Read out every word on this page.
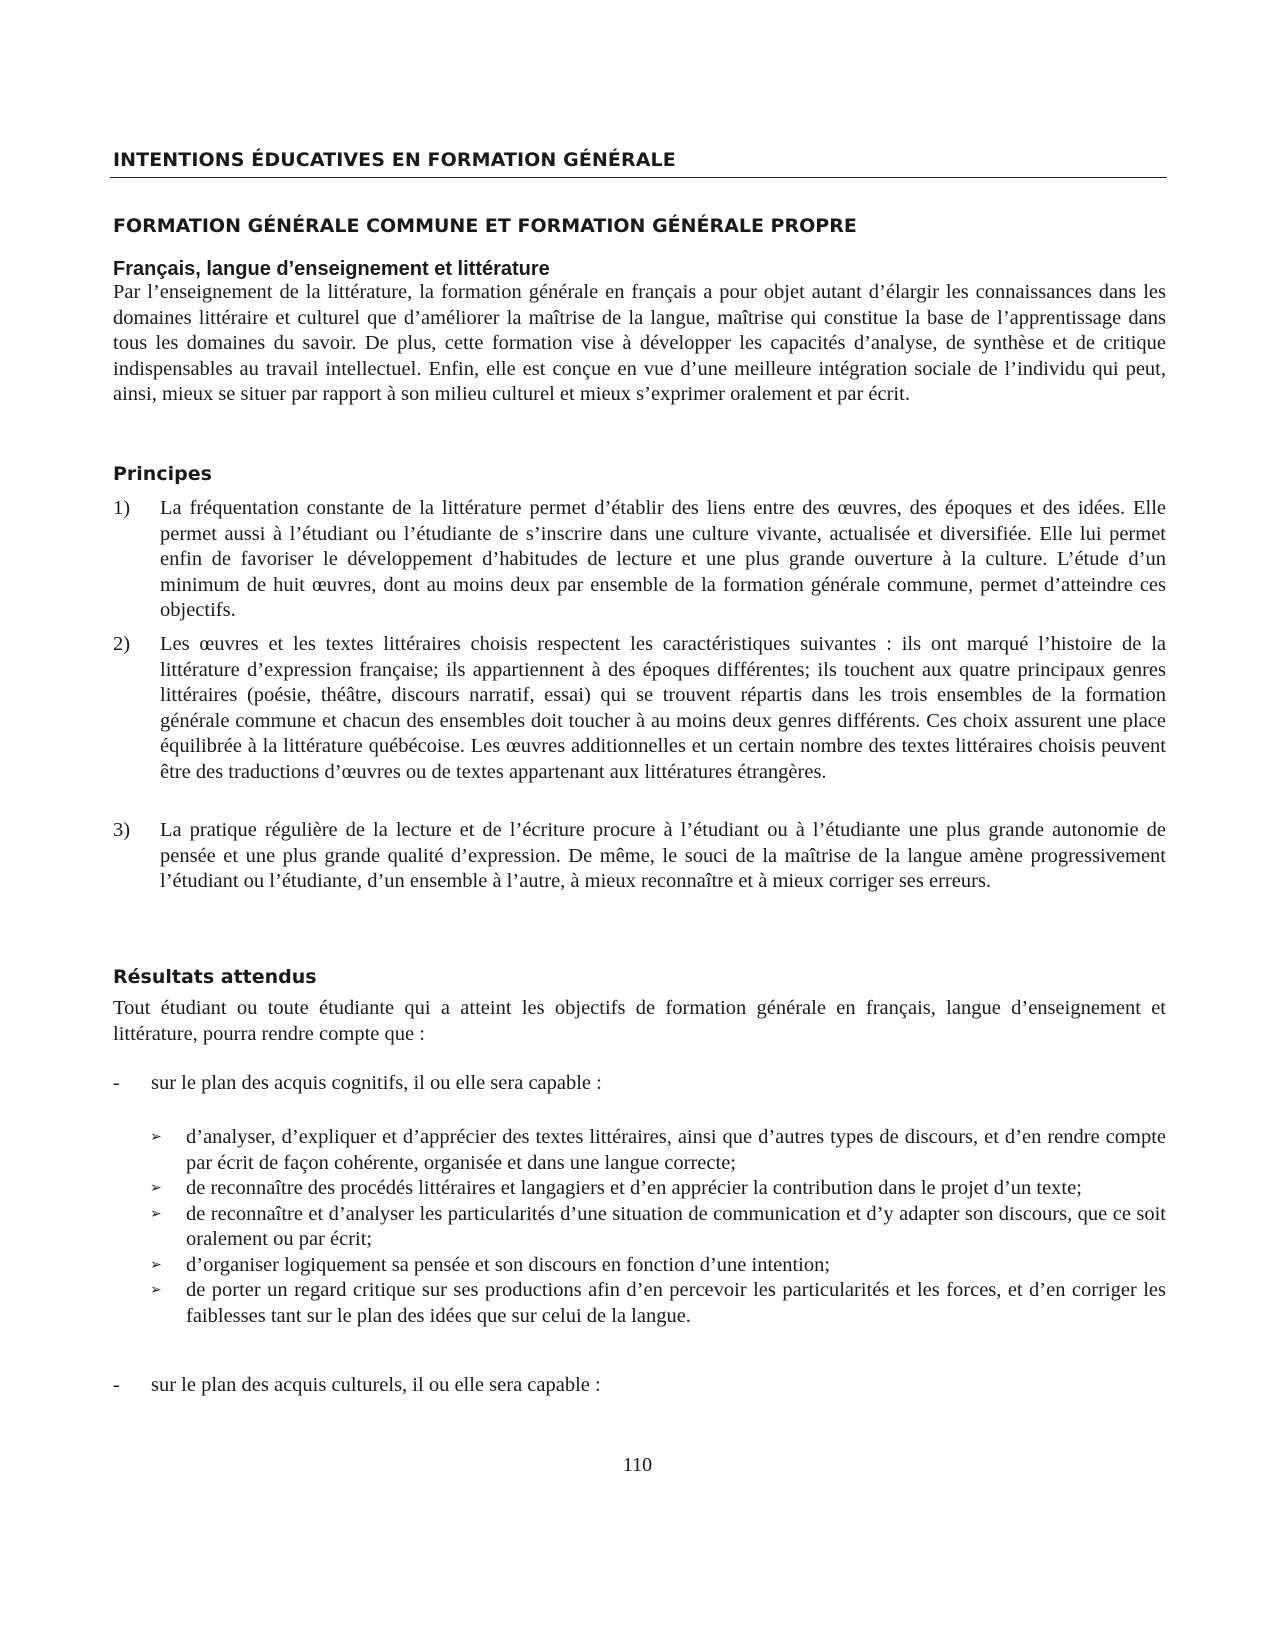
INTENTIONS ÉDUCATIVES EN FORMATION GÉNÉRALE
FORMATION GÉNÉRALE COMMUNE ET FORMATION GÉNÉRALE PROPRE
Français, langue d’enseignement et littérature

Par l’enseignement de la littérature, la formation générale en français a pour objet autant d’élargir les connaissances dans les domaines littéraire et culturel que d’améliorer la maîtrise de la langue, maîtrise qui constitue la base de l’apprentissage dans tous les domaines du savoir. De plus, cette formation vise à développer les capacités d’analyse, de synthèse et de critique indispensables au travail intellectuel. Enfin, elle est conçue en vue d’une meilleure intégration sociale de l’individu qui peut, ainsi, mieux se situer par rapport à son milieu culturel et mieux s’exprimer oralement et par écrit.

Principes
1) La fréquentation constante de la littérature permet d’établir des liens entre des œuvres, des époques et des idées. Elle permet aussi à l’étudiant ou l’étudiante de s’inscrire dans une culture vivante, actualisée et diversifiée. Elle lui permet enfin de favoriser le développement d’habitudes de lecture et une plus grande ouverture à la culture. L’étude d’un minimum de huit œuvres, dont au moins deux par ensemble de la formation générale commune, permet d’atteindre ces objectifs.
2) Les œuvres et les textes littéraires choisis respectent les caractéristiques suivantes : ils ont marqué l’histoire de la littérature d’expression française; ils appartiennent à des époques différentes; ils touchent aux quatre principaux genres littéraires (poésie, théâtre, discours narratif, essai) qui se trouvent répartis dans les trois ensembles de la formation générale commune et chacun des ensembles doit toucher à au moins deux genres différents. Ces choix assurent une place équilibrée à la littérature québécoise. Les œuvres additionnelles et un certain nombre des textes littéraires choisis peuvent être des traductions d’œuvres ou de textes appartenant aux littératures étrangères.
3) La pratique régulière de la lecture et de l’écriture procure à l’étudiant ou à l’étudiante une plus grande autonomie de pensée et une plus grande qualité d’expression. De même, le souci de la maîtrise de la langue amène progressivement l’étudiant ou l’étudiante, d’un ensemble à l’autre, à mieux reconnaître et à mieux corriger ses erreurs.
Résultats attendus

Tout étudiant ou toute étudiante qui a atteint les objectifs de formation générale en français, langue d’enseignement et littérature, pourra rendre compte que :

- sur le plan des acquis cognitifs, il ou elle sera capable :
➢ d’analyser, d’expliquer et d’apprécier des textes littéraires, ainsi que d’autres types de discours, et d’en rendre compte par écrit de façon cohérente, organisée et dans une langue correcte;
➢ de reconnaître des procédés littéraires et langagiers et d’en apprécier la contribution dans le projet d’un texte;
➢ de reconnaître et d’analyser les particularités d’une situation de communication et d’y adapter son discours, que ce soit oralement ou par écrit;
➢ d’organiser logiquement sa pensée et son discours en fonction d’une intention;
➢ de porter un regard critique sur ses productions afin d’en percevoir les particularités et les forces, et d’en corriger les faiblesses tant sur le plan des idées que sur celui de la langue.
- sur le plan des acquis culturels, il ou elle sera capable :
110
